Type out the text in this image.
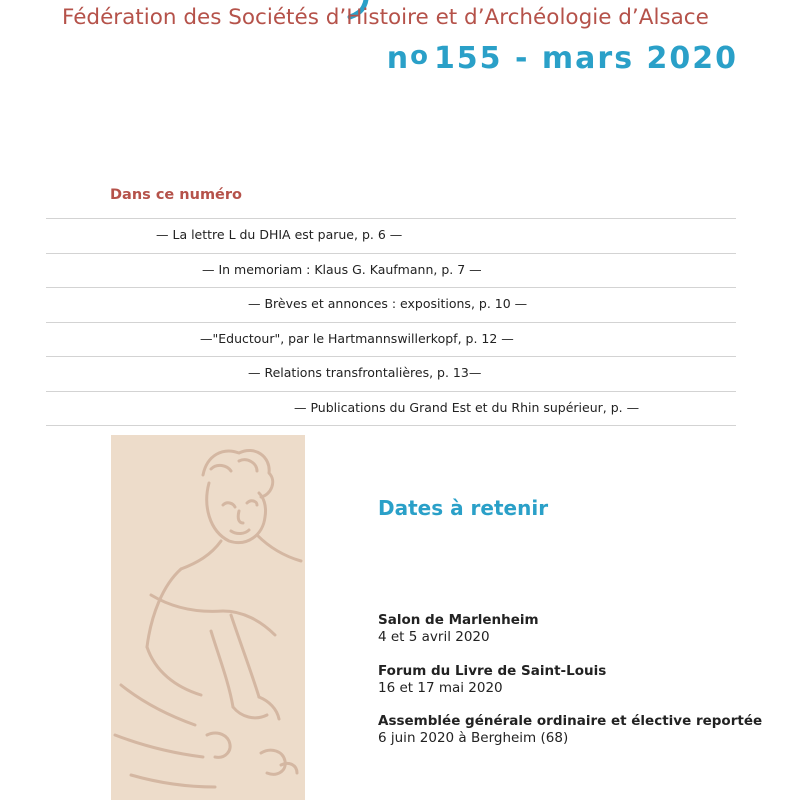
Fédération des Sociétés d’Histoire et d’Archéologie d’Alsace
no 155 - mars 2020
Dans ce numéro
— La lettre L du DHIA est parue, p. 6 —
— In memoriam : Klaus G. Kaufmann, p. 7 —
— Brèves et annonces : expositions, p. 10 —
—"Eductour", par le Hartmannswillerkopf, p. 12 —
— Relations transfrontalières, p. 13—
— Publications du Grand Est et du Rhin supérieur, p. —
Dates à retenir
Salon de Marlenheim
4 et 5 avril 2020
Forum du Livre de Saint-Louis
16 et 17 mai 2020
Assemblée générale ordinaire et élective reportée
6 juin 2020 à Bergheim (68)
